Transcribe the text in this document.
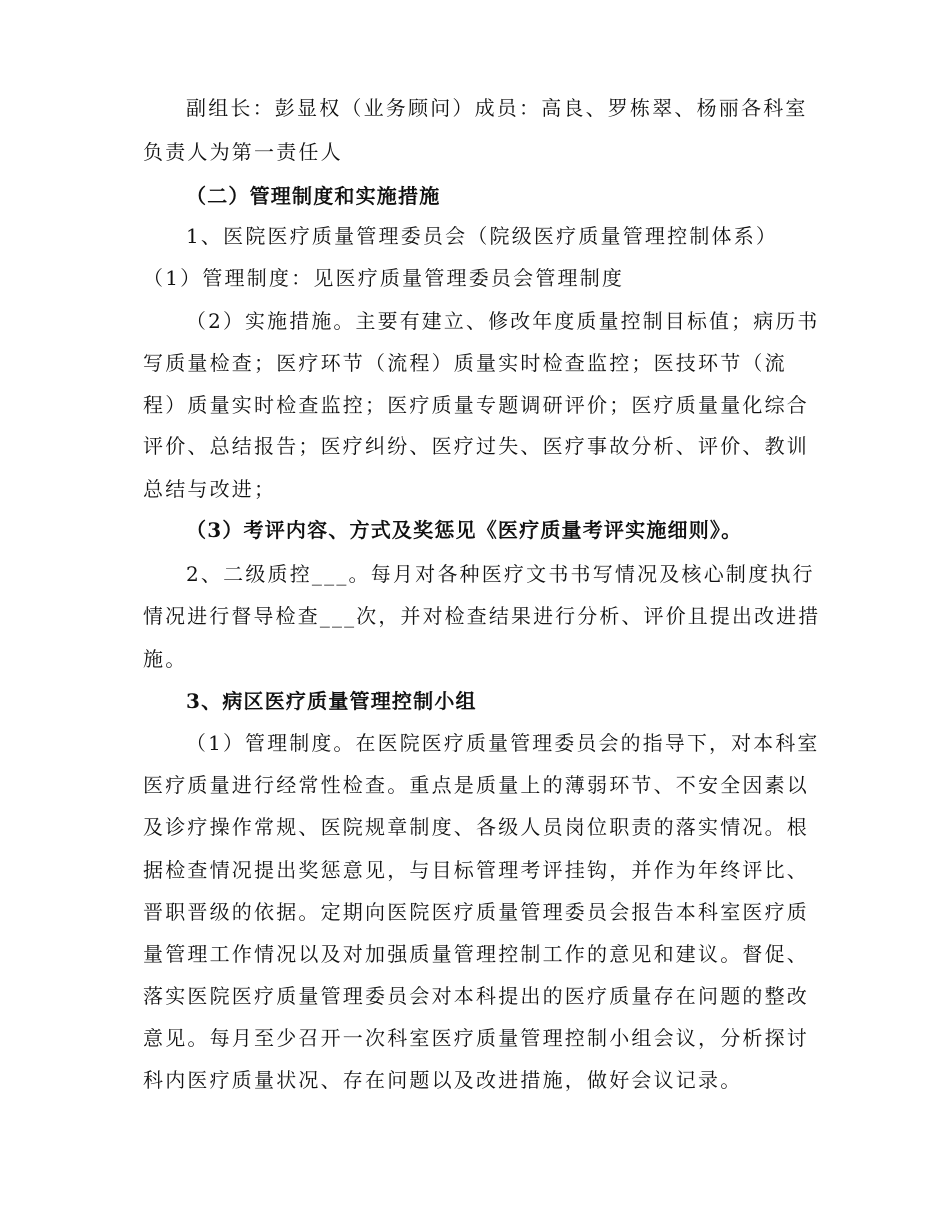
副组长：彭显权（业务顾问）成员：高良、罗栋翠、杨丽各科室
负责人为第一责任人
（二）管理制度和实施措施
1、医院医疗质量管理委员会（院级医疗质量管理控制体系）
（1）管理制度：见医疗质量管理委员会管理制度
（2）实施措施。主要有建立、修改年度质量控制目标值；病历书
写质量检查；医疗环节（流程）质量实时检查监控；医技环节（流
程）质量实时检查监控；医疗质量专题调研评价；医疗质量量化综合
评价、总结报告；医疗纠纷、医疗过失、医疗事故分析、评价、教训
总结与改进；
（3）考评内容、方式及奖惩见《医疗质量考评实施细则》。
2、二级质控___。每月对各种医疗文书书写情况及核心制度执行
情况进行督导检查___次，并对检查结果进行分析、评价且提出改进措
施。
3、病区医疗质量管理控制小组
（1）管理制度。在医院医疗质量管理委员会的指导下，对本科室
医疗质量进行经常性检查。重点是质量上的薄弱环节、不安全因素以
及诊疗操作常规、医院规章制度、各级人员岗位职责的落实情况。根
据检查情况提出奖惩意见，与目标管理考评挂钩，并作为年终评比、
晋职晋级的依据。定期向医院医疗质量管理委员会报告本科室医疗质
量管理工作情况以及对加强质量管理控制工作的意见和建议。督促、
落实医院医疗质量管理委员会对本科提出的医疗质量存在问题的整改
意见。每月至少召开一次科室医疗质量管理控制小组会议，分析探讨
科内医疗质量状况、存在问题以及改进措施，做好会议记录。
